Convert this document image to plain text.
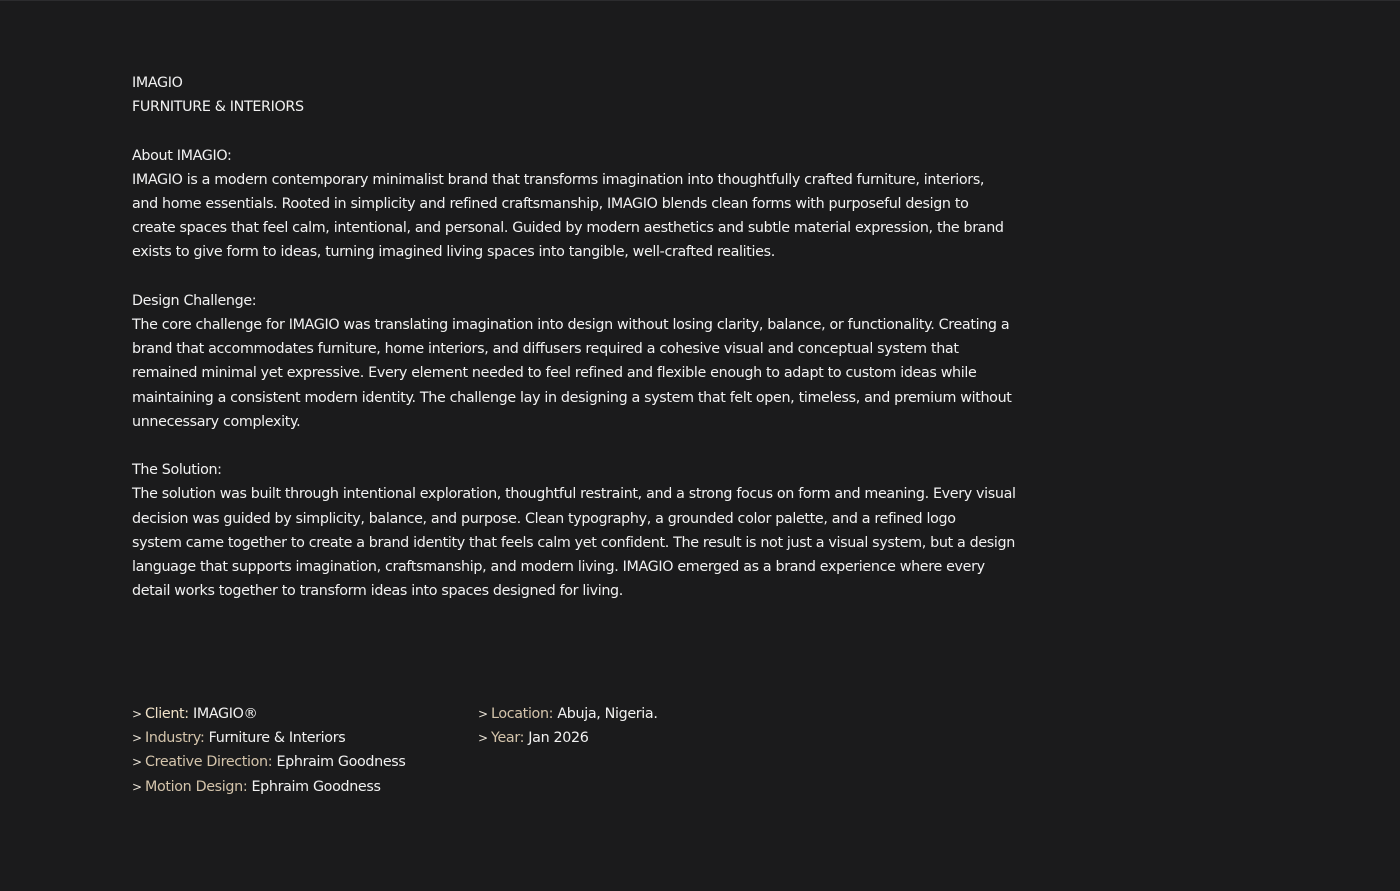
IMAGIO
FURNITURE & INTERIORS
About IMAGIO:
IMAGIO is a modern contemporary minimalist brand that transforms imagination into thoughtfully crafted furniture, interiors,
and home essentials. Rooted in simplicity and refined craftsmanship, IMAGIO blends clean forms with purposeful design to
create spaces that feel calm, intentional, and personal. Guided by modern aesthetics and subtle material expression, the brand
exists to give form to ideas, turning imagined living spaces into tangible, well-crafted realities.
Design Challenge:
The core challenge for IMAGIO was translating imagination into design without losing clarity, balance, or functionality. Creating a
brand that accommodates furniture, home interiors, and diffusers required a cohesive visual and conceptual system that
remained minimal yet expressive. Every element needed to feel refined and flexible enough to adapt to custom ideas while
maintaining a consistent modern identity. The challenge lay in designing a system that felt open, timeless, and premium without
unnecessary complexity.
The Solution:
The solution was built through intentional exploration, thoughtful restraint, and a strong focus on form and meaning. Every visual
decision was guided by simplicity, balance, and purpose. Clean typography, a grounded color palette, and a refined logo
system came together to create a brand identity that feels calm yet confident. The result is not just a visual system, but a design
language that supports imagination, craftsmanship, and modern living. IMAGIO emerged as a brand experience where every
detail works together to transform ideas into spaces designed for living.
> Client: IMAGIO®
> Industry: Furniture & Interiors
> Creative Direction: Ephraim Goodness
> Motion Design: Ephraim Goodness
> Location: Abuja, Nigeria.
> Year: Jan 2026
